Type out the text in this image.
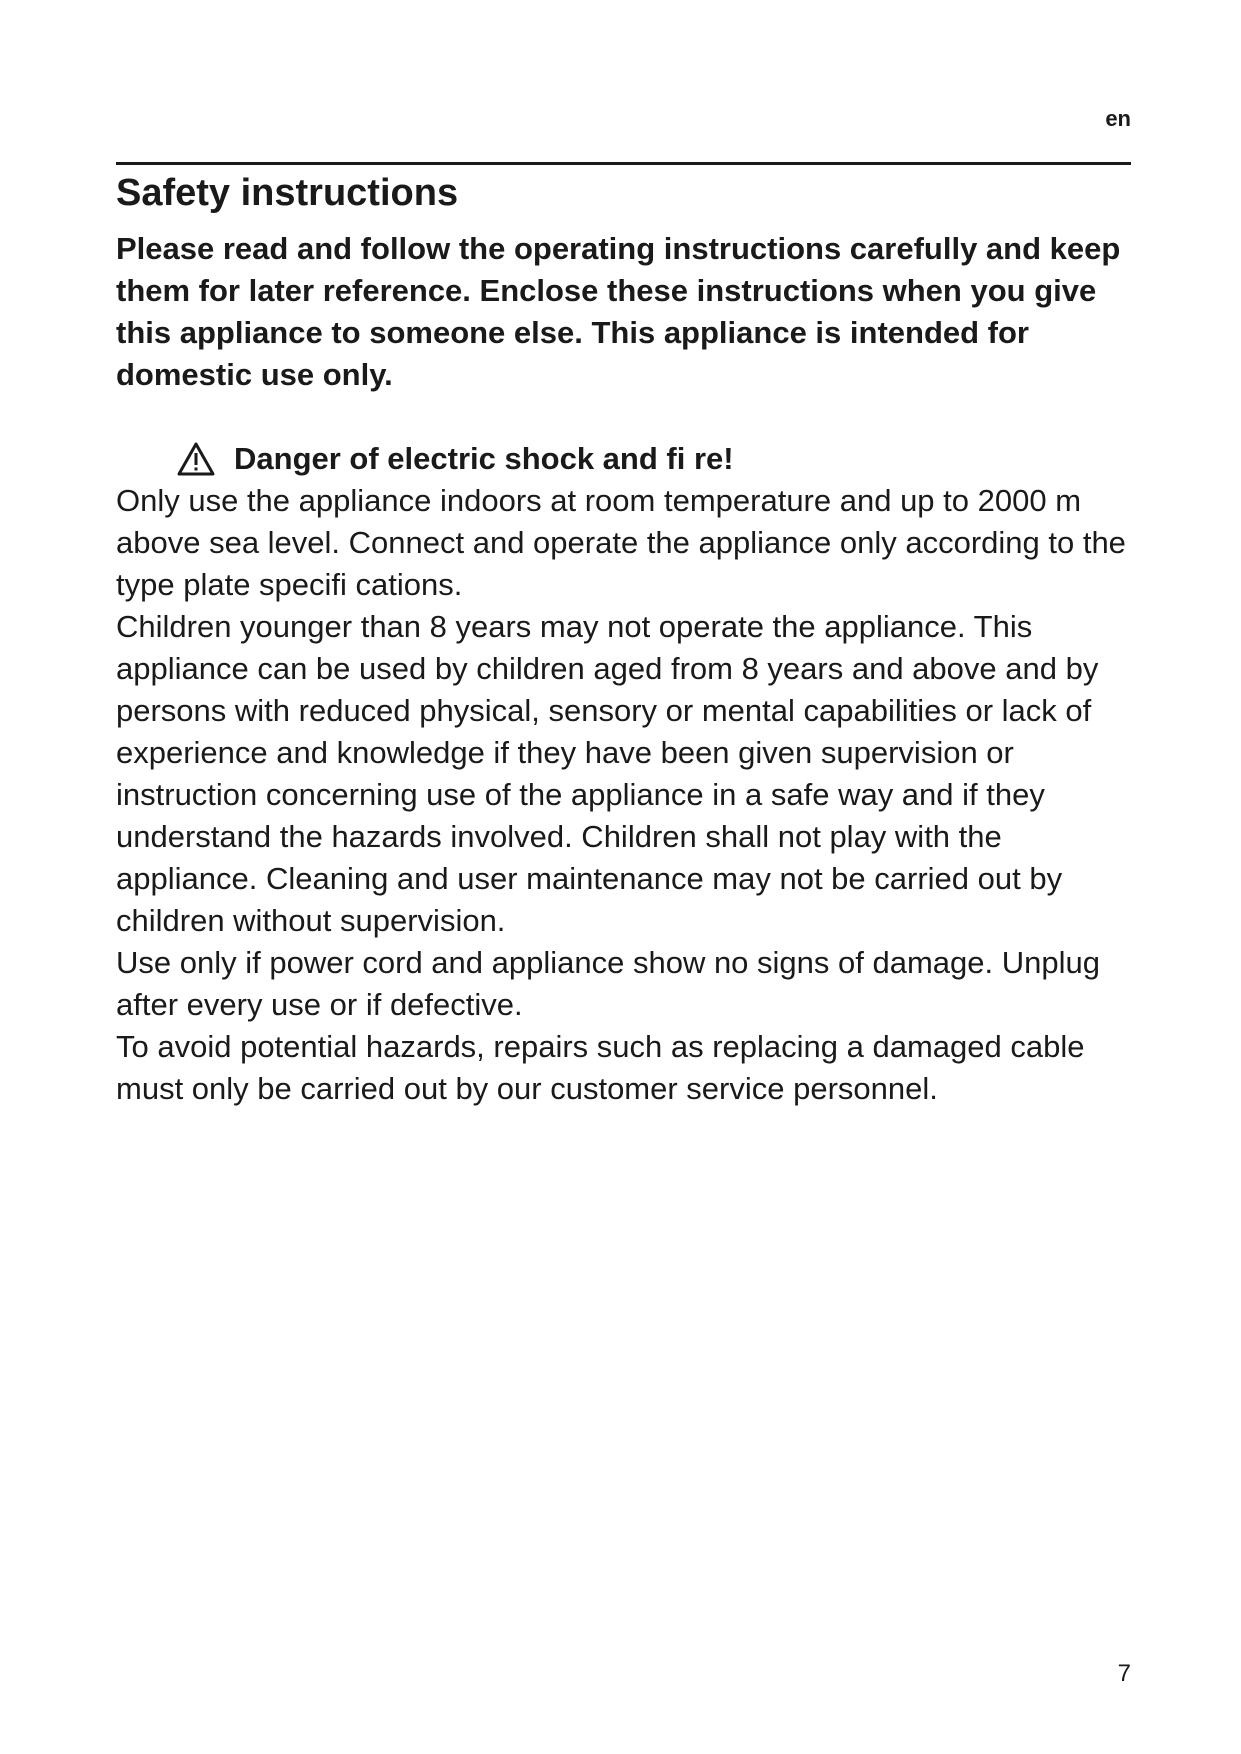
en
Safety instructions

Please read and follow the operating instructions carefully and keep them for later reference. Enclose these instructions when you give this appliance to someone else. This appliance is intended for domestic use only.

Danger of electric shock and fi re!

Only use the appliance indoors at room temperature and up to 2000 m above sea level. Connect and operate the appliance only according to the type plate specifi cations.

Children younger than 8 years may not operate the appliance. This appliance can be used by children aged from 8 years and above and by persons with reduced physical, sensory or mental capabilities or lack of experience and knowledge if they have been given supervision or instruction concerning use of the appliance in a safe way and if they understand the hazards involved. Children shall not play with the appliance. Cleaning and user maintenance may not be carried out by children without supervision.

Use only if power cord and appliance show no signs of damage. Unplug after every use or if defective.

To avoid potential hazards, repairs such as replacing a damaged cable must only be carried out by our customer service personnel.

7
